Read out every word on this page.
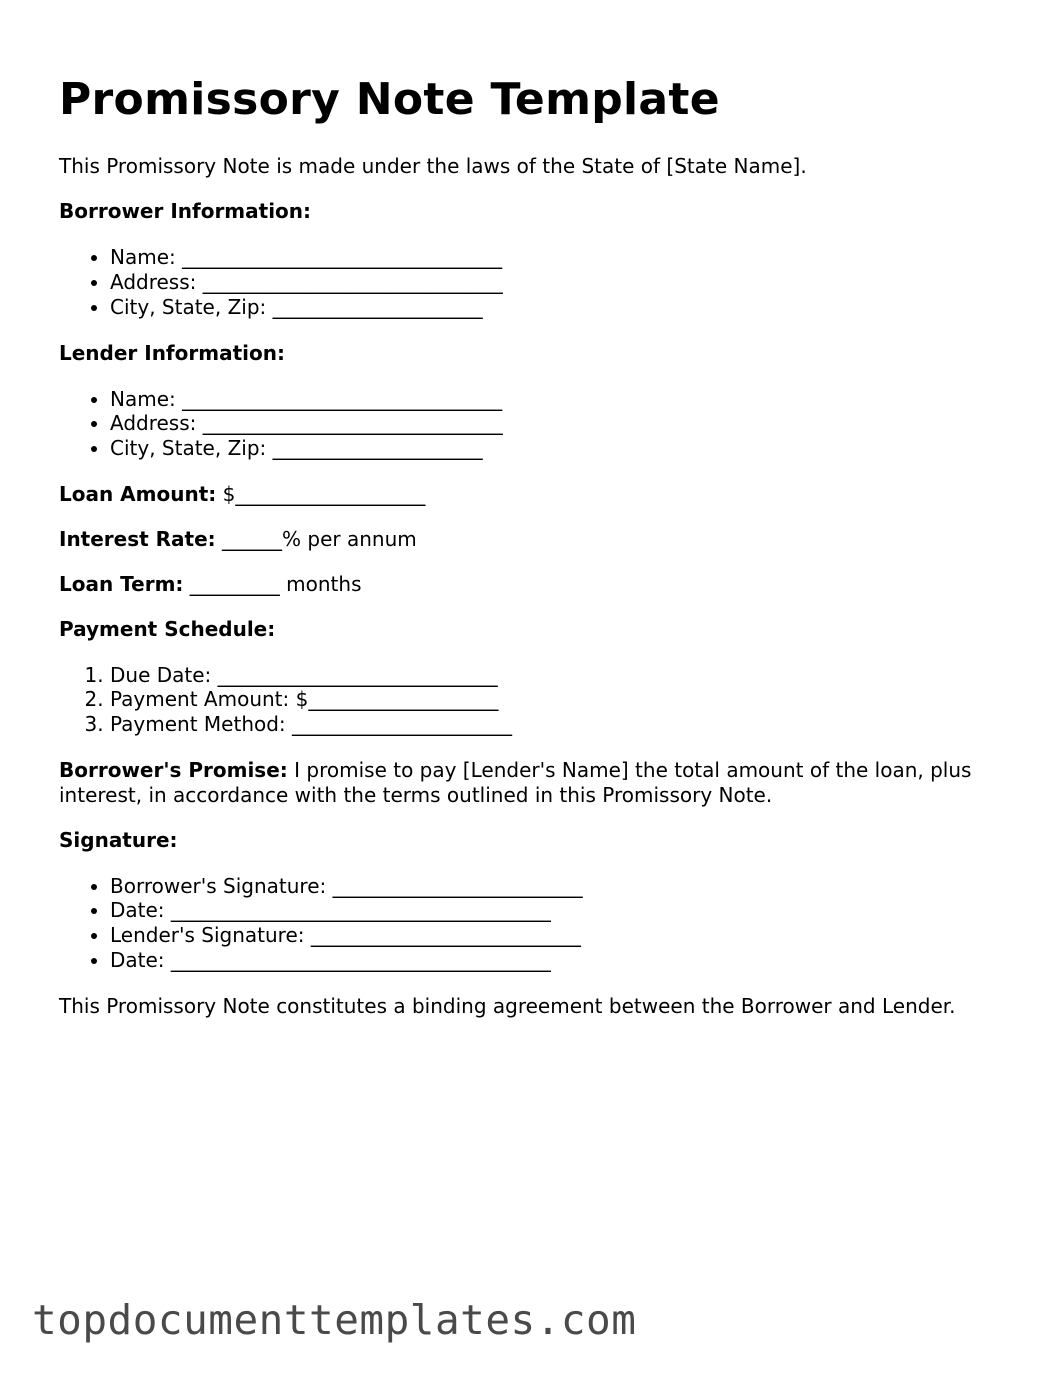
Promissory Note Template

This Promissory Note is made under the laws of the State of [State Name].

Borrower Information:

• Name: ________________________________
• Address: ______________________________
• City, State, Zip: _____________________

Lender Information:

• Name: ________________________________
• Address: ______________________________
• City, State, Zip: _____________________

Loan Amount: $___________________

Interest Rate: ______% per annum

Loan Term: _________ months

Payment Schedule:

1. Due Date: ____________________________
2. Payment Amount: $___________________
3. Payment Method: ______________________

Borrower's Promise: I promise to pay [Lender's Name] the total amount of the loan, plus interest, in accordance with the terms outlined in this Promissory Note.

Signature:

• Borrower's Signature: _________________________
• Date: ______________________________________
• Lender's Signature: ___________________________
• Date: ______________________________________

This Promissory Note constitutes a binding agreement between the Borrower and Lender.

topdocumenttemplates.com
